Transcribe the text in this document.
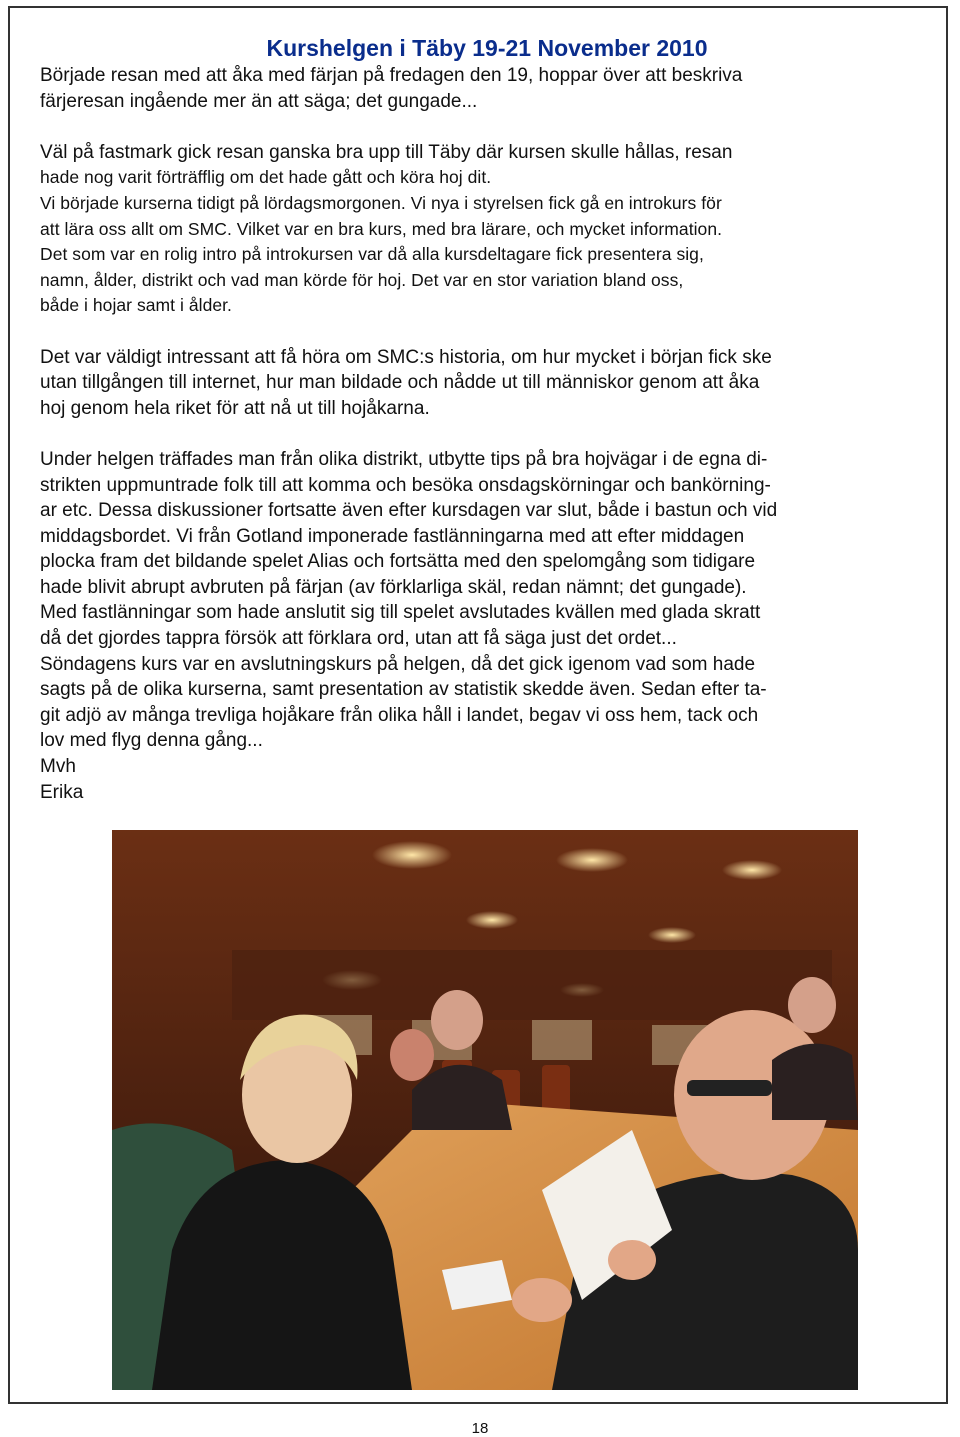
Kurshelgen i Täby 19-21 November 2010

Började resan med att åka med färjan på fredagen den 19, hoppar över att beskriva

färjeresan ingående mer än att säga; det gungade...

Väl på fastmark gick resan ganska bra upp till Täby där kursen skulle hållas, resan

hade nog varit förträfflig om det hade gått och köra hoj dit.

Vi började kurserna tidigt på lördagsmorgonen. Vi nya i styrelsen fick gå en introkurs för

att lära oss allt om SMC. Vilket var en bra kurs, med bra lärare, och mycket information.

Det som var en rolig intro på introkursen var då alla kursdeltagare fick presentera sig,

namn, ålder, distrikt och vad man körde för hoj. Det var en stor variation bland oss,

både i hojar samt i ålder.

Det var väldigt intressant att få höra om SMC:s historia, om hur mycket i början fick ske

utan tillgången till internet, hur man bildade och nådde ut till människor genom att åka

hoj genom hela riket för att nå ut till hojåkarna.

Under helgen träffades man från olika distrikt, utbytte tips på bra hojvägar i de egna di-

strikten uppmuntrade folk till att komma och besöka onsdagskörningar och bankörning-

ar etc. Dessa diskussioner fortsatte även efter kursdagen var slut, både i bastun och vid

middagsbordet. Vi från Gotland imponerade fastlänningarna med att efter middagen

plocka fram det bildande spelet Alias och fortsätta med den spelomgång som tidigare

hade blivit abrupt avbruten på färjan (av förklarliga skäl, redan nämnt; det gungade).

Med fastlänningar som hade anslutit sig till spelet avslutades kvällen med glada skratt

då det gjordes tappra försök att förklara ord, utan att få säga just det ordet...

Söndagens kurs var en avslutningskurs på helgen, då det gick igenom vad som hade

sagts på de olika kurserna, samt presentation av statistik skedde även. Sedan efter ta-

git adjö av många trevliga hojåkare från olika håll i landet, begav vi oss hem, tack och

lov med flyg denna gång...

Mvh

Erika

18
